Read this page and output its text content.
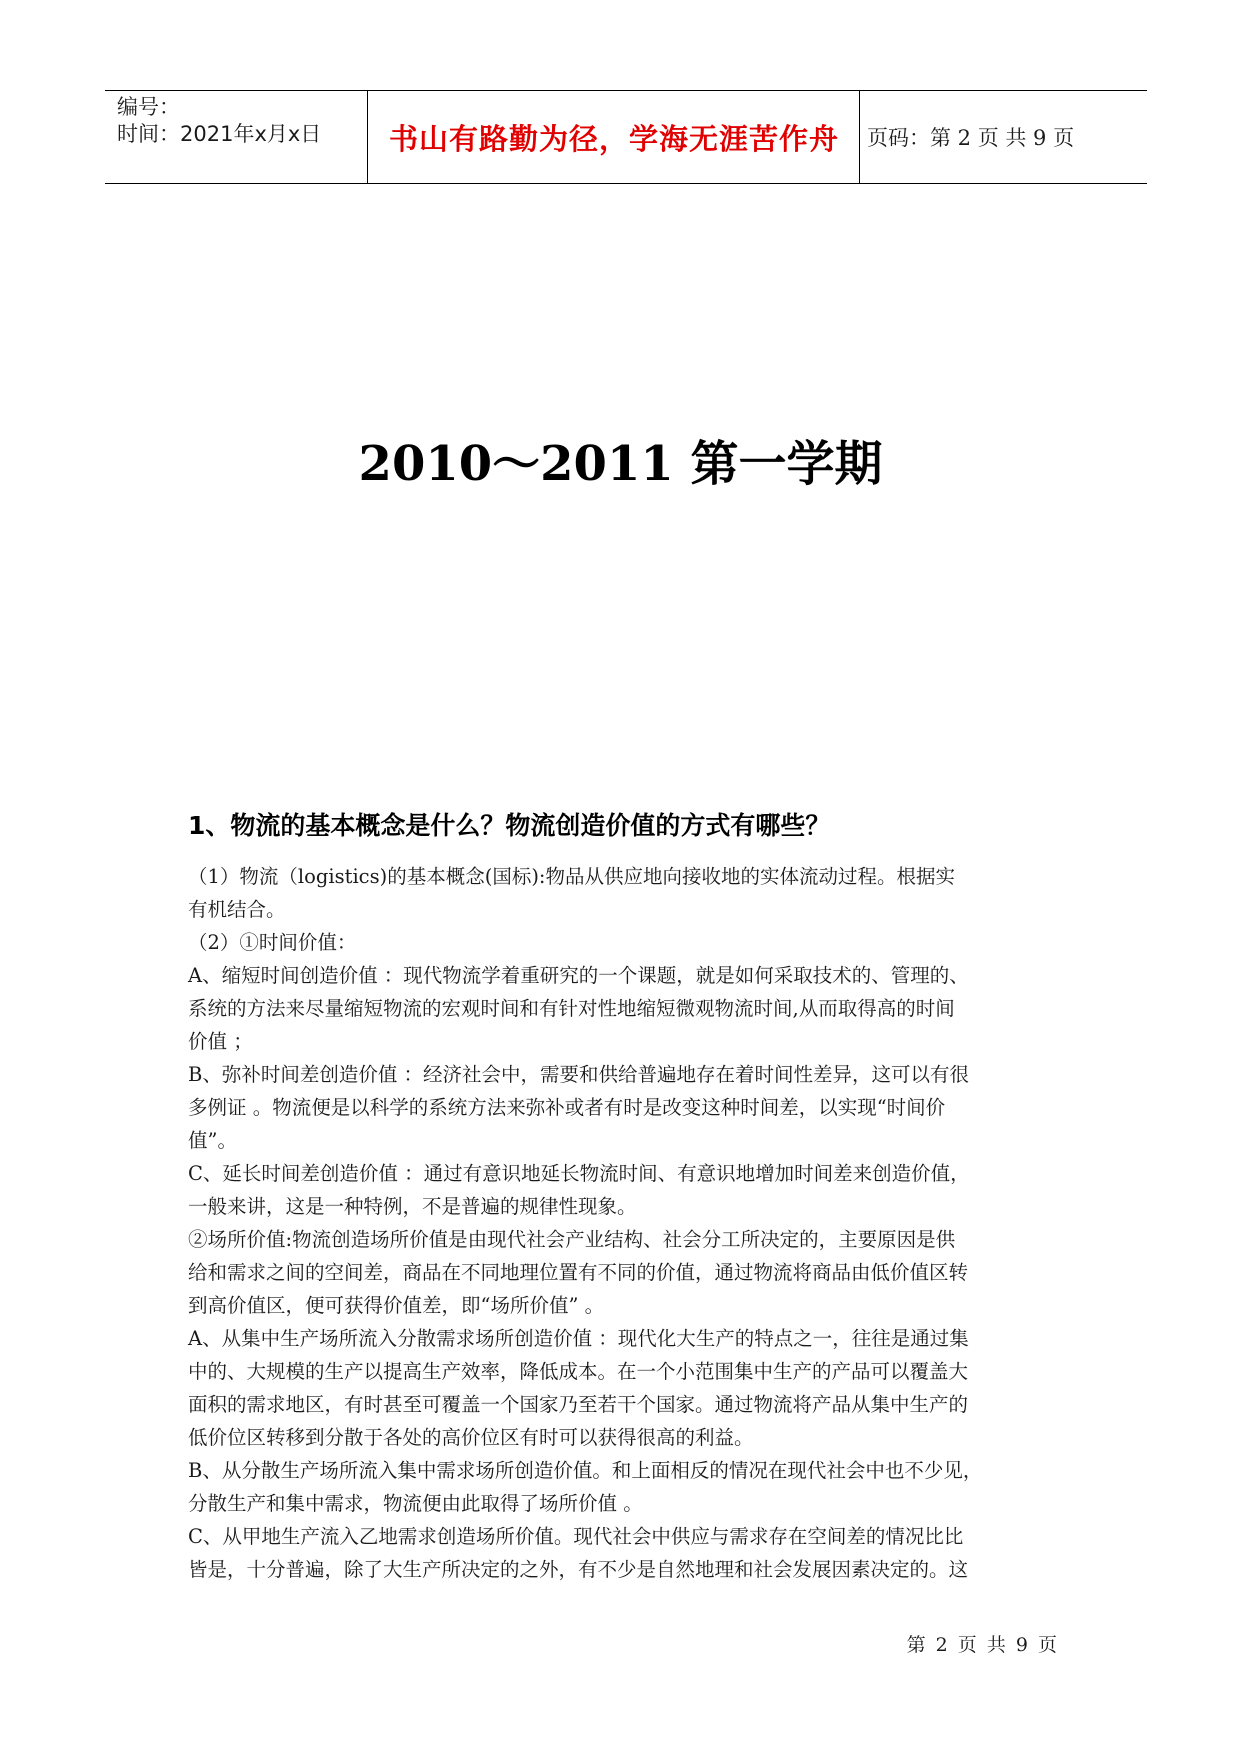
编号：
时间：2021年x月x日	书山有路勤为径，学海无涯苦作舟	页码：第 2 页 共 9 页
2010～2011 第一学期
1、物流的基本概念是什么？物流创造价值的方式有哪些？
（1）物流（logistics)的基本概念(国标):物品从供应地向接收地的实体流动过程。根据实
有机结合。
（2）①时间价值：
A、缩短时间创造价值 ：现代物流学着重研究的一个课题，就是如何采取技术的、管理的、
系统的方法来尽量缩短物流的宏观时间和有针对性地缩短微观物流时间,从而取得高的时间
价值 ；
B、弥补时间差创造价值 ：经济社会中，需要和供给普遍地存在着时间性差异，这可以有很
多例证 。物流便是以科学的系统方法来弥补或者有时是改变这种时间差，以实现“时间价
值”。
C、延长时间差创造价值 ：通过有意识地延长物流时间、有意识地增加时间差来创造价值，
一般来讲，这是一种特例，不是普遍的规律性现象。
②场所价值:物流创造场所价值是由现代社会产业结构、社会分工所决定的，主要原因是供
给和需求之间的空间差，商品在不同地理位置有不同的价值，通过物流将商品由低价值区转
到高价值区，便可获得价值差，即“场所价值” 。
A、从集中生产场所流入分散需求场所创造价值 ：现代化大生产的特点之一，往往是通过集
中的、大规模的生产以提高生产效率，降低成本。在一个小范围集中生产的产品可以覆盖大
面积的需求地区，有时甚至可覆盖一个国家乃至若干个国家。通过物流将产品从集中生产的
低价位区转移到分散于各处的高价位区有时可以获得很高的利益。
B、从分散生产场所流入集中需求场所创造价值。和上面相反的情况在现代社会中也不少见，
分散生产和集中需求，物流便由此取得了场所价值 。
C、从甲地生产流入乙地需求创造场所价值。现代社会中供应与需求存在空间差的情况比比
皆是，十分普遍，除了大生产所决定的之外，有不少是自然地理和社会发展因素决定的。这
第 2 页 共 9 页
